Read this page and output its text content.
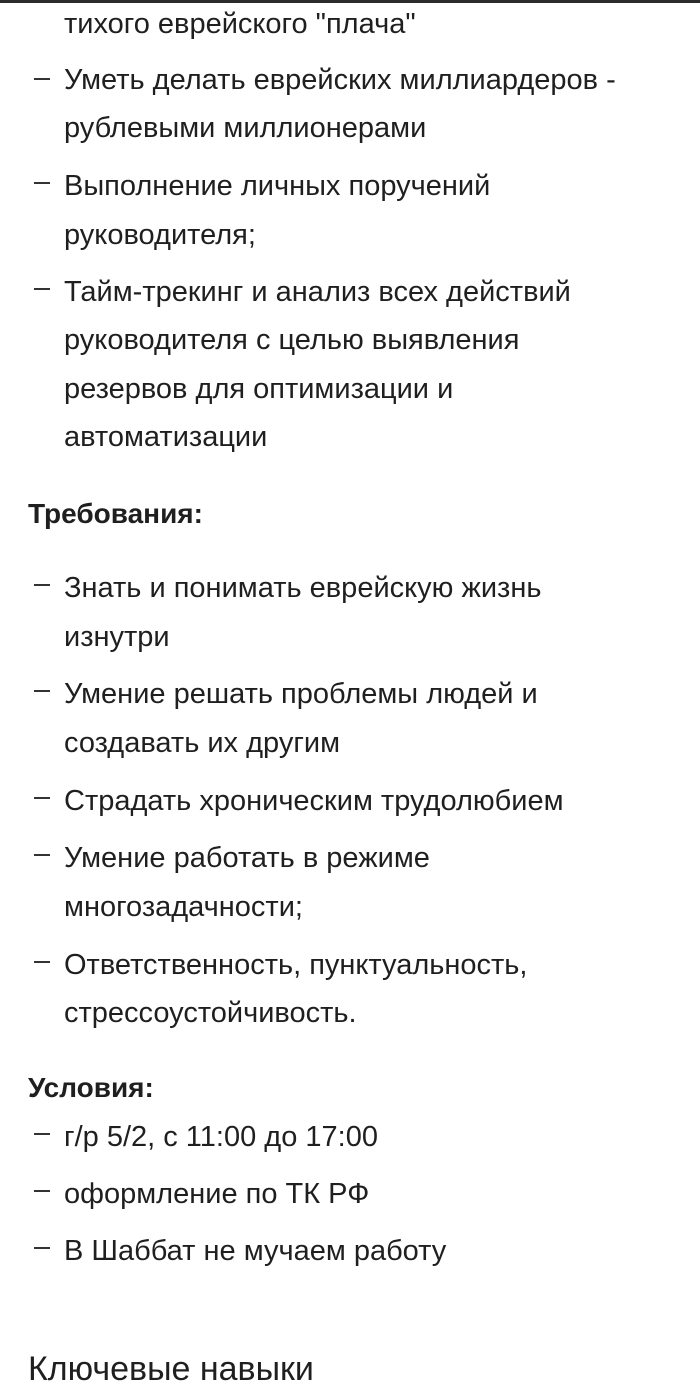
тихого еврейского "плача"
Уметь делать еврейских миллиардеров -
рублевыми миллионерами
Выполнение личных поручений
руководителя;
Тайм-трекинг и анализ всех действий
руководителя с целью выявления
резервов для оптимизации и
автоматизации
Требования:
Знать и понимать еврейскую жизнь
изнутри
Умение решать проблемы людей и
создавать их другим
Страдать хроническим трудолюбием
Умение работать в режиме
многозадачности;
Ответственность, пунктуальность,
стрессоустойчивость.
Условия:
г/р 5/2, с 11:00 до 17:00
оформление по ТК РФ
В Шаббат не мучаем работу
Ключевые навыки
